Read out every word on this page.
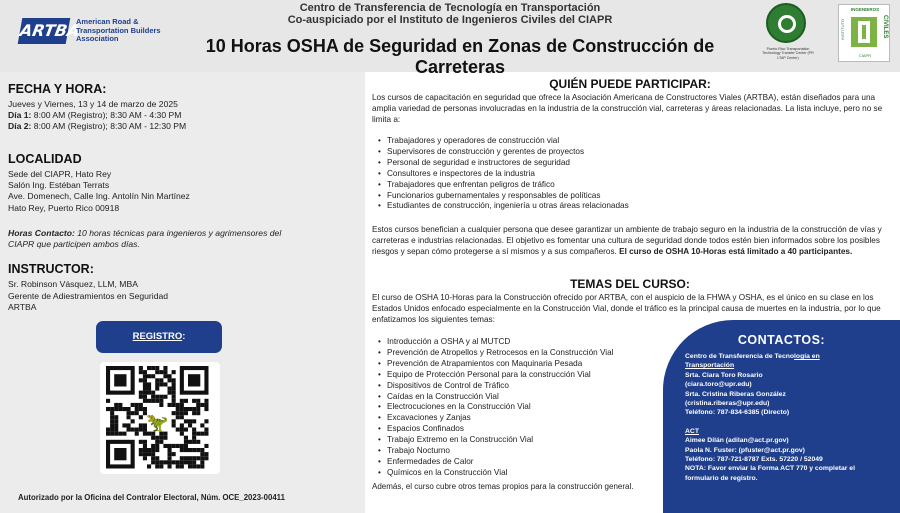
ARTBA
American Road & Transportation Builders Association
Centro de Transferencia de Tecnología en Transportación
Co-auspiciado por el Instituto de Ingenieros Civiles del CIAPR
10 Horas OSHA de Seguridad en Zonas de Construcción de Carreteras
Puerto Rico Transportation Technology Transfer Center (PR LTAP Center)
INGENIEROS
INSTITUTO	CIVILES
CIAPR
FECHA Y HORA:
Jueves y Viernes, 13 y 14 de marzo de 2025
Día 1: 8:00 AM (Registro); 8:30 AM - 4:30 PM
Día 2: 8:00 AM (Registro); 8:30 AM - 12:30 PM
LOCALIDAD
Sede del CIAPR, Hato Rey
Salón Ing. Estéban Terrats
Ave. Domenech, Calle Ing. Antolín Nin Martínez
Hato Rey, Puerto Rico 00918
Horas Contacto: 10 horas técnicas para ingenieros y agrimensores del
CIAPR que participen ambos días.
INSTRUCTOR:
Sr. Robinson Vásquez, LLM, MBA
Gerente de Adiestramientos en Seguridad
ARTBA
REGISTRO:
🦖
Autorizado por la Oficina del Contralor Electoral, Núm. OCE_2023-00411
QUIÉN PUEDE PARTICIPAR:
Los cursos de capacitación en seguridad que ofrece la Asociación Americana de Constructores Viales (ARTBA), están diseñados para una amplia variedad de personas involucradas en la industria de la construcción vial, carreteras y áreas relacionadas. La lista incluye, pero no se limita a:
• Trabajadores y operadores de construcción vial
• Supervisores de construcción y gerentes de proyectos
• Personal de seguridad e instructores de seguridad
• Consultores e inspectores de la industria
• Trabajadores que enfrentan peligros de tráfico
• Funcionarios gubernamentales y responsables de políticas
• Estudiantes de construcción, ingeniería u otras áreas relacionadas
Estos cursos benefician a cualquier persona que desee garantizar un ambiente de trabajo seguro en la industria de la construcción de vías y carreteras e industrias relacionadas. El objetivo es fomentar una cultura de seguridad donde todos estén bien informados sobre los posibles riesgos y sepan cómo protegerse a sí mismos y a sus compañeros. El curso de OSHA 10-Horas está limitado a 40 participantes.
TEMAS DEL CURSO:
El curso de OSHA 10-Horas para la Construcción ofrecido por ARTBA, con el auspicio de la FHWA y OSHA, es el único en su clase en los Estados Unidos enfocado especialmente en la Construcción Vial, donde el tráfico es la principal causa de muertes en la industria, por lo que enfatizamos los siguientes temas:
• Introducción a OSHA y al MUTCD
• Prevención de Atropellos y Retrocesos en la Construcción Vial
• Prevención de Atrapamientos con Maquinaria Pesada
• Equipo de Protección Personal para la construcción Vial
• Dispositivos de Control de Tráfico
• Caídas en la Construcción Vial
• Electrocuciones en la Construcción Vial
• Excavaciones y Zanjas
• Espacios Confinados
• Trabajo Extremo en la Construcción Vial
• Trabajo Nocturno
• Enfermedades de Calor
• Químicos en la Construcción Vial
Además, el curso cubre otros temas propios para la construcción general.
CONTACTOS:
Centro de Transferencia de Tecnología en
Transportación
Srta. Ciara Toro Rosario
(ciara.toro@upr.edu)
Srta. Cristina Riberas González
(cristina.riberas@upr.edu)
Teléfono: 787-834-6385 (Directo)
ACT
Aimee Dilán (adilan@act.pr.gov)
Paola N. Fuster: (pfuster@act.pr.gov)
Teléfono: 787-721-8787 Exts. 57220 / 52049
NOTA: Favor enviar la Forma ACT 770 y completar el
formulario de registro.
